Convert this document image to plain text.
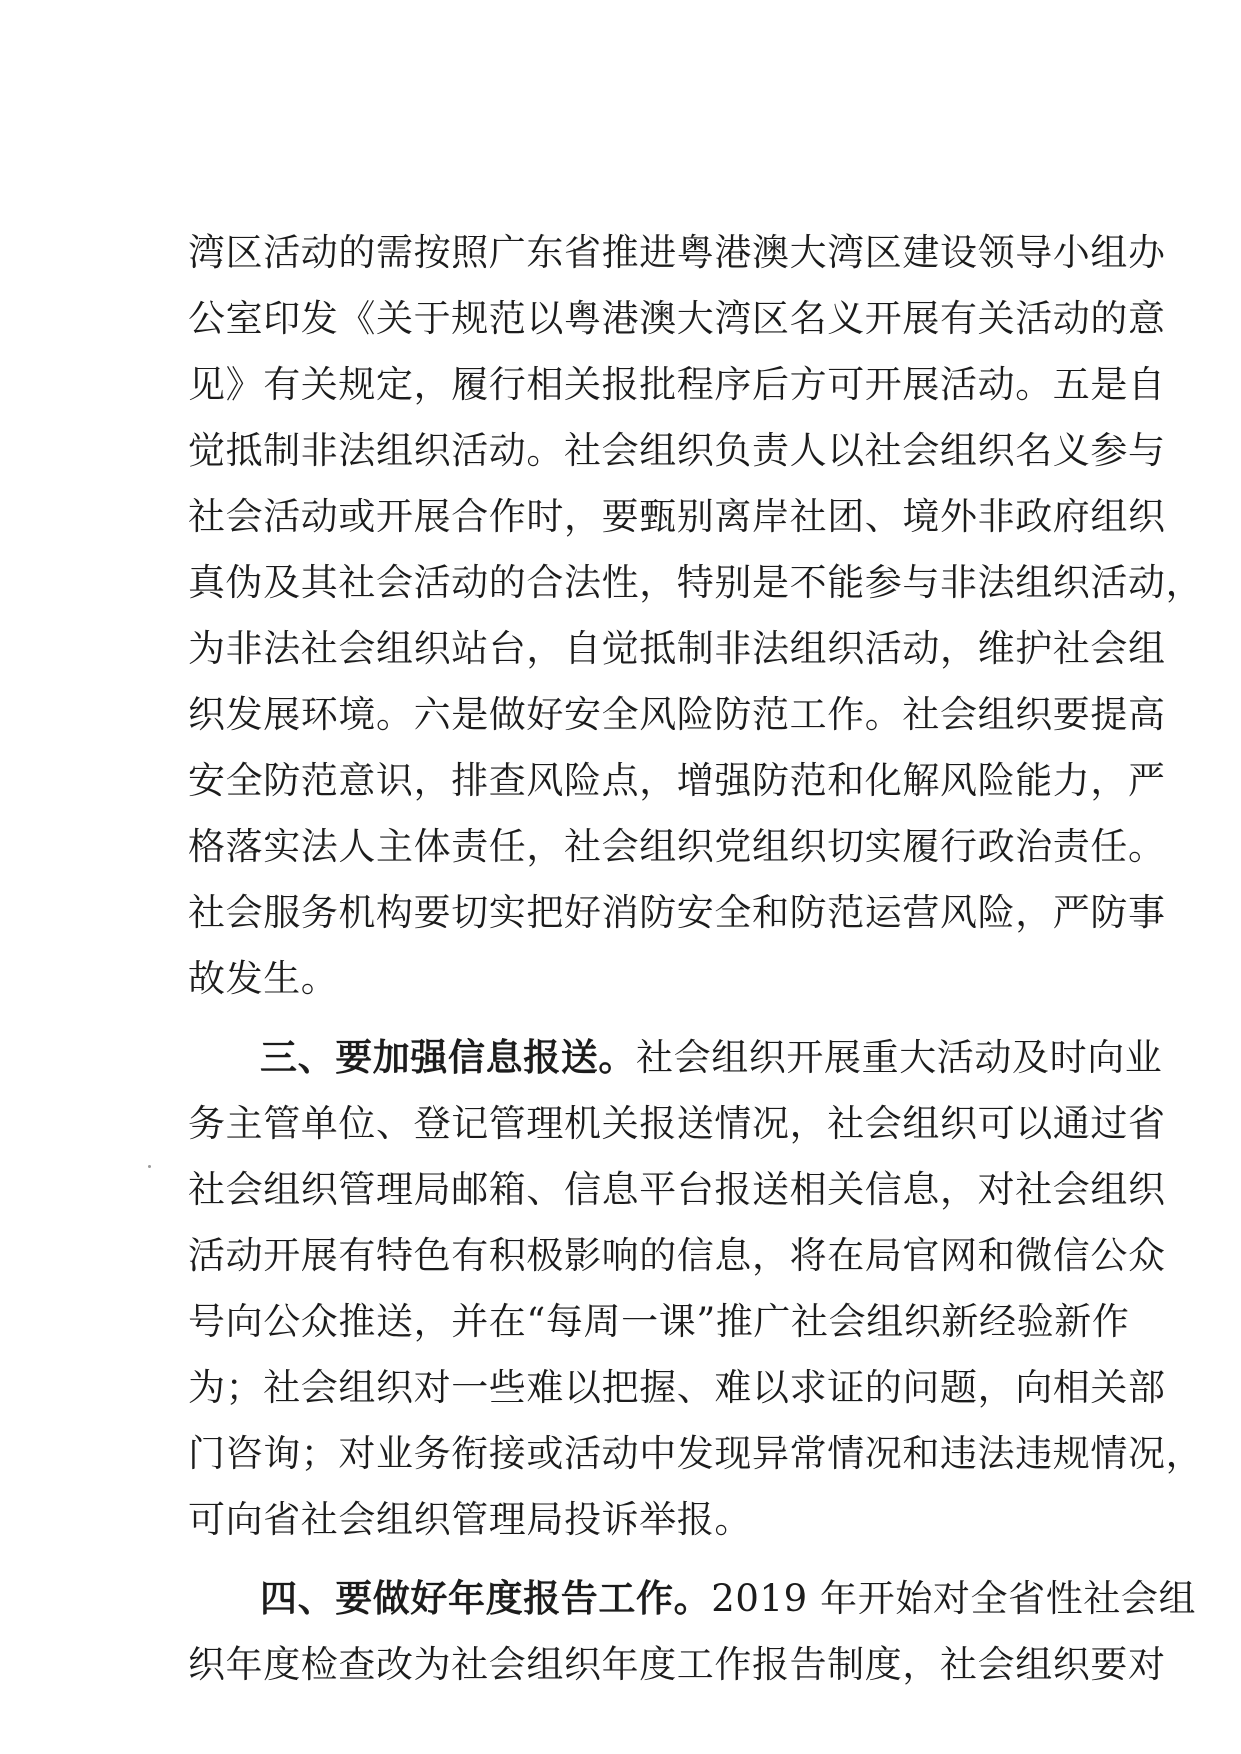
湾区活动的需按照广东省推进粤港澳大湾区建设领导小组办
公室印发《关于规范以粤港澳大湾区名义开展有关活动的意
见》有关规定，履行相关报批程序后方可开展活动。五是自
觉抵制非法组织活动。社会组织负责人以社会组织名义参与
社会活动或开展合作时，要甄别离岸社团、境外非政府组织
真伪及其社会活动的合法性，特别是不能参与非法组织活动，
为非法社会组织站台，自觉抵制非法组织活动，维护社会组
织发展环境。六是做好安全风险防范工作。社会组织要提高
安全防范意识，排查风险点，增强防范和化解风险能力，严
格落实法人主体责任，社会组织党组织切实履行政治责任。
社会服务机构要切实把好消防安全和防范运营风险，严防事
故发生。
三、要加强信息报送。社会组织开展重大活动及时向业
务主管单位、登记管理机关报送情况，社会组织可以通过省
社会组织管理局邮箱、信息平台报送相关信息，对社会组织
活动开展有特色有积极影响的信息，将在局官网和微信公众
号向公众推送，并在“每周一课”推广社会组织新经验新作
为；社会组织对一些难以把握、难以求证的问题，向相关部
门咨询；对业务衔接或活动中发现异常情况和违法违规情况，
可向省社会组织管理局投诉举报。
四、要做好年度报告工作。2019 年开始对全省性社会组
织年度检查改为社会组织年度工作报告制度，社会组织要对
